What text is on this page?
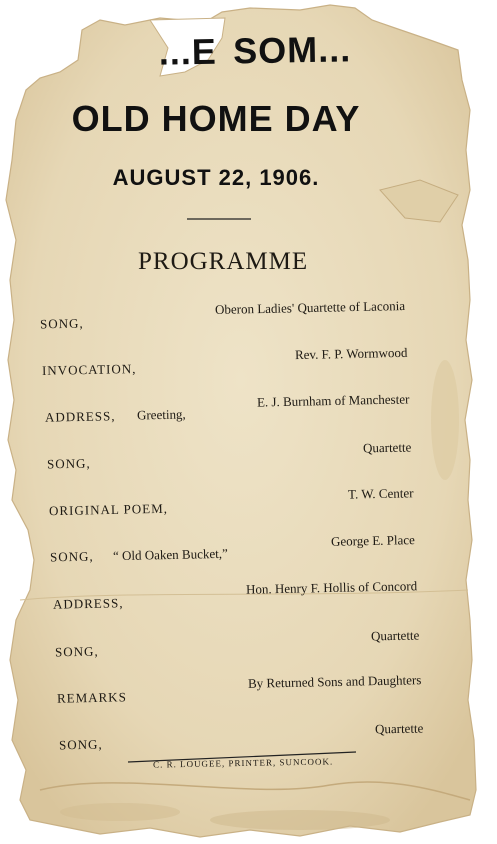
...E  SOM...
OLD HOME DAY
AUGUST 22, 1906.
PROGRAMME
SONG,
Oberon Ladies' Quartette of Laconia
INVOCATION,
Rev. F. P. Wormwood
ADDRESS, Greeting,
E. J. Burnham of Manchester
SONG,
Quartette
ORIGINAL POEM,
T. W. Center
SONG, “ Old Oaken Bucket,”
George E. Place
ADDRESS,
Hon. Henry F. Hollis of Concord
SONG,
Quartette
REMARKS
By Returned Sons and Daughters
SONG,
Quartette
C. R. LOUGEE, PRINTER, SUNCOOK.
